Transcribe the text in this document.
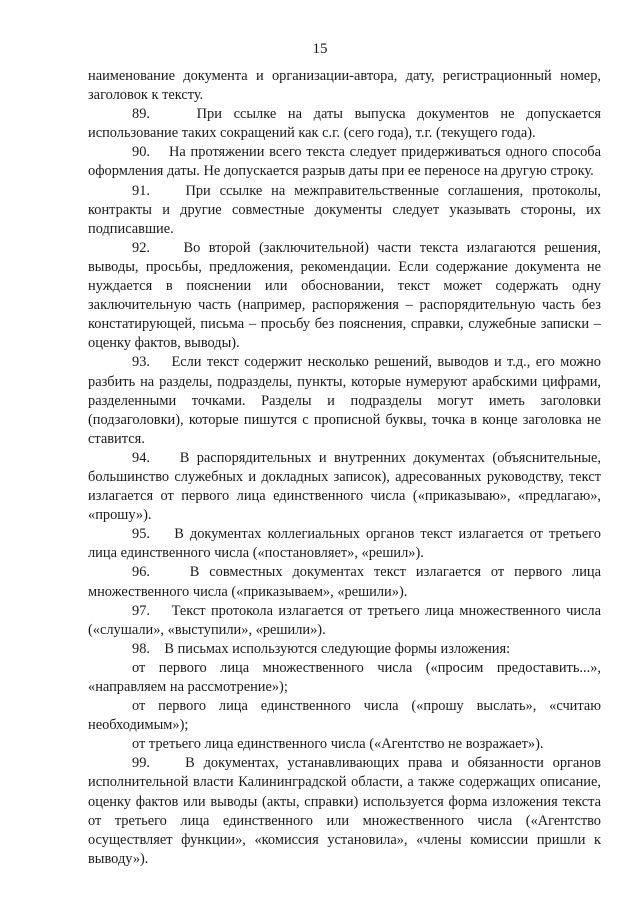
15

наименование документа и организации-автора, дату, регистрационный номер, заголовок к тексту.

89.    При ссылке на даты выпуска документов не допускается использование таких сокращений как с.г. (сего года), т.г. (текущего года).

90.    На протяжении всего текста следует придерживаться одного способа оформления даты. Не допускается разрыв даты при ее переносе на другую строку.

91.    При ссылке на межправительственные соглашения, протоколы, контракты и другие совместные документы следует указывать стороны, их подписавшие.

92.    Во второй (заключительной) части текста излагаются решения, выводы, просьбы, предложения, рекомендации. Если содержание документа не нуждается в пояснении или обосновании, текст может содержать одну заключительную часть (например, распоряжения – распорядительную часть без констатирующей, письма – просьбу без пояснения, справки, служебные записки – оценку фактов, выводы).

93.    Если текст содержит несколько решений, выводов и т.д., его можно разбить на разделы, подразделы, пункты, которые нумеруют арабскими цифрами, разделенными точками. Разделы и подразделы могут иметь заголовки (подзаголовки), которые пишутся с прописной буквы, точка в конце заголовка не ставится.

94.    В распорядительных и внутренних документах (объяснительные, большинство служебных и докладных записок), адресованных руководству, текст излагается от первого лица единственного числа («приказываю», «предлагаю», «прошу»).

95.    В документах коллегиальных органов текст излагается от третьего лица единственного числа («постановляет», «решил»).

96.    В совместных документах текст излагается от первого лица множественного числа («приказываем», «решили»).

97.    Текст протокола излагается от третьего лица множественного числа («слушали», «выступили», «решили»).

98.    В письмах используются следующие формы изложения:

от первого лица множественного числа («просим предоставить...», «направляем на рассмотрение»);

от первого лица единственного числа («прошу выслать», «считаю необходимым»);

от третьего лица единственного числа («Агентство не возражает»).

99.    В документах, устанавливающих права и обязанности органов исполнительной власти Калининградской области, а также содержащих описание, оценку фактов или выводы (акты, справки) используется форма изложения текста от третьего лица единственного или множественного числа («Агентство осуществляет функции», «комиссия установила», «члены комиссии пришли к выводу»).
